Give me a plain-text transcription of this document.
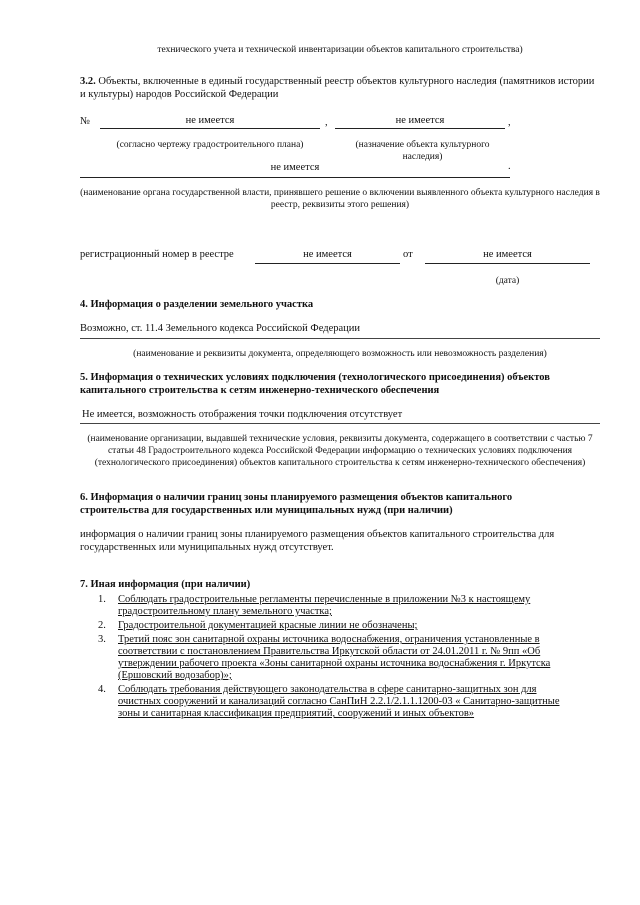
технического учета и технической инвентаризации объектов капитального строительства)
3.2. Объекты, включенные в единый государственный реестр объектов культурного наследия (памятников истории и культуры) народов Российской Федерации
№	не имеется	,	не имеется	,
(согласно чертежу градостроительного плана)	(назначение объекта культурного наследия)
не имеется	.
(наименование органа государственной власти, принявшего решение о включении выявленного объекта культурного наследия в реестр, реквизиты этого решения)
регистрационный номер в реестре	не имеется	от	не имеется
(дата)
4. Информация о разделении земельного участка
Возможно, ст. 11.4 Земельного кодекса Российской Федерации
(наименование и реквизиты документа, определяющего возможность или невозможность разделения)
5. Информация о технических условиях подключения (технологического присоединения) объектов капитального строительства к сетям инженерно-технического обеспечения
Не имеется, возможность отображения точки подключения отсутствует
(наименование организации, выдавшей технические условия, реквизиты документа, содержащего в соответствии с частью 7 статьи 48 Градостроительного кодекса Российской Федерации информацию о технических условиях подключения (технологического присоединения) объектов капитального строительства к сетям инженерно-технического обеспечения)
6. Информация о наличии границ зоны планируемого размещения объектов капитального строительства для государственных или муниципальных нужд (при наличии)
информация о наличии границ зоны планируемого размещения объектов капитального строительства для государственных или муниципальных нужд отсутствует.
7. Иная информация (при наличии)
1. Соблюдать градостроительные регламенты перечисленные в приложении №3 к настоящему градостроительному плану земельного участка;
2. Градостроительной документацией красные линии не обозначены;
3. Третий пояс зон санитарной охраны источника водоснабжения, ограничения установленные в соответствии с постановлением Правительства Иркутской области от 24.01.2011 г. № 9пп «Об утверждении рабочего проекта «Зоны санитарной охраны источника водоснабжения г. Иркутска (Ершовский водозабор)»;
4. Соблюдать требования действующего законодательства в сфере санитарно-защитных зон для очистных сооружений и канализаций согласно СанПиН 2.2.1/2.1.1.1200-03 « Санитарно-защитные зоны и санитарная классификация предприятий, сооружений и иных объектов»
